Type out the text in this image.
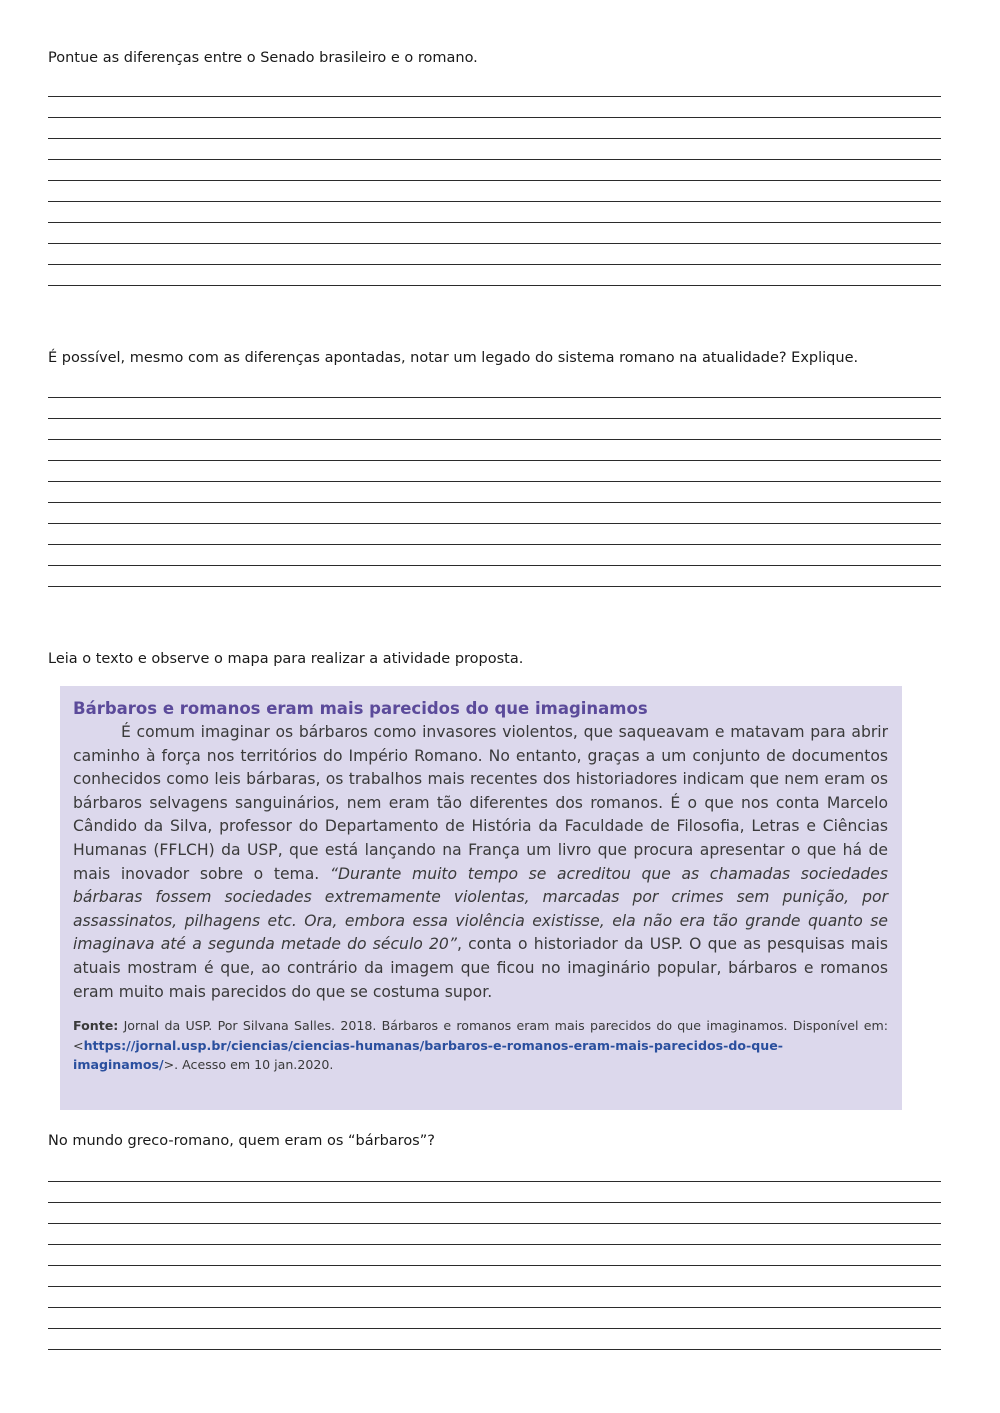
Pontue as diferenças entre o Senado brasileiro e o romano.

É possível, mesmo com as diferenças apontadas, notar um legado do sistema romano na atualidade? Explique.

Leia o texto e observe o mapa para realizar a atividade proposta.

Bárbaros e romanos eram mais parecidos do que imaginamos

É comum imaginar os bárbaros como invasores violentos, que saqueavam e matavam para abrir caminho à força nos territórios do Império Romano. No entanto, graças a um conjunto de documentos conhecidos como leis bárbaras, os trabalhos mais recentes dos historiadores indicam que nem eram os bárbaros selvagens sanguinários, nem eram tão diferentes dos romanos. É o que nos conta Marcelo Cândido da Silva, professor do Departamento de História da Faculdade de Filosofia, Letras e Ciências Humanas (FFLCH) da USP, que está lançando na França um livro que procura apresentar o que há de mais inovador sobre o tema. “Durante muito tempo se acreditou que as chamadas sociedades bárbaras fossem sociedades extremamente violentas, marcadas por crimes sem punição, por assassinatos, pilhagens etc. Ora, embora essa violência existisse, ela não era tão grande quanto se imaginava até a segunda metade do século 20”, conta o historiador da USP. O que as pesquisas mais atuais mostram é que, ao contrário da imagem que ficou no imaginário popular, bárbaros e romanos eram muito mais parecidos do que se costuma supor.

Fonte: Jornal da USP. Por Silvana Salles. 2018. Bárbaros e romanos eram mais parecidos do que imaginamos. Disponível em: <https://jornal.usp.br/ciencias/ciencias-humanas/barbaros-e-romanos-eram-mais-parecidos-do-que-imaginamos/>. Acesso em 10 jan.2020.

No mundo greco-romano, quem eram os “bárbaros”?
